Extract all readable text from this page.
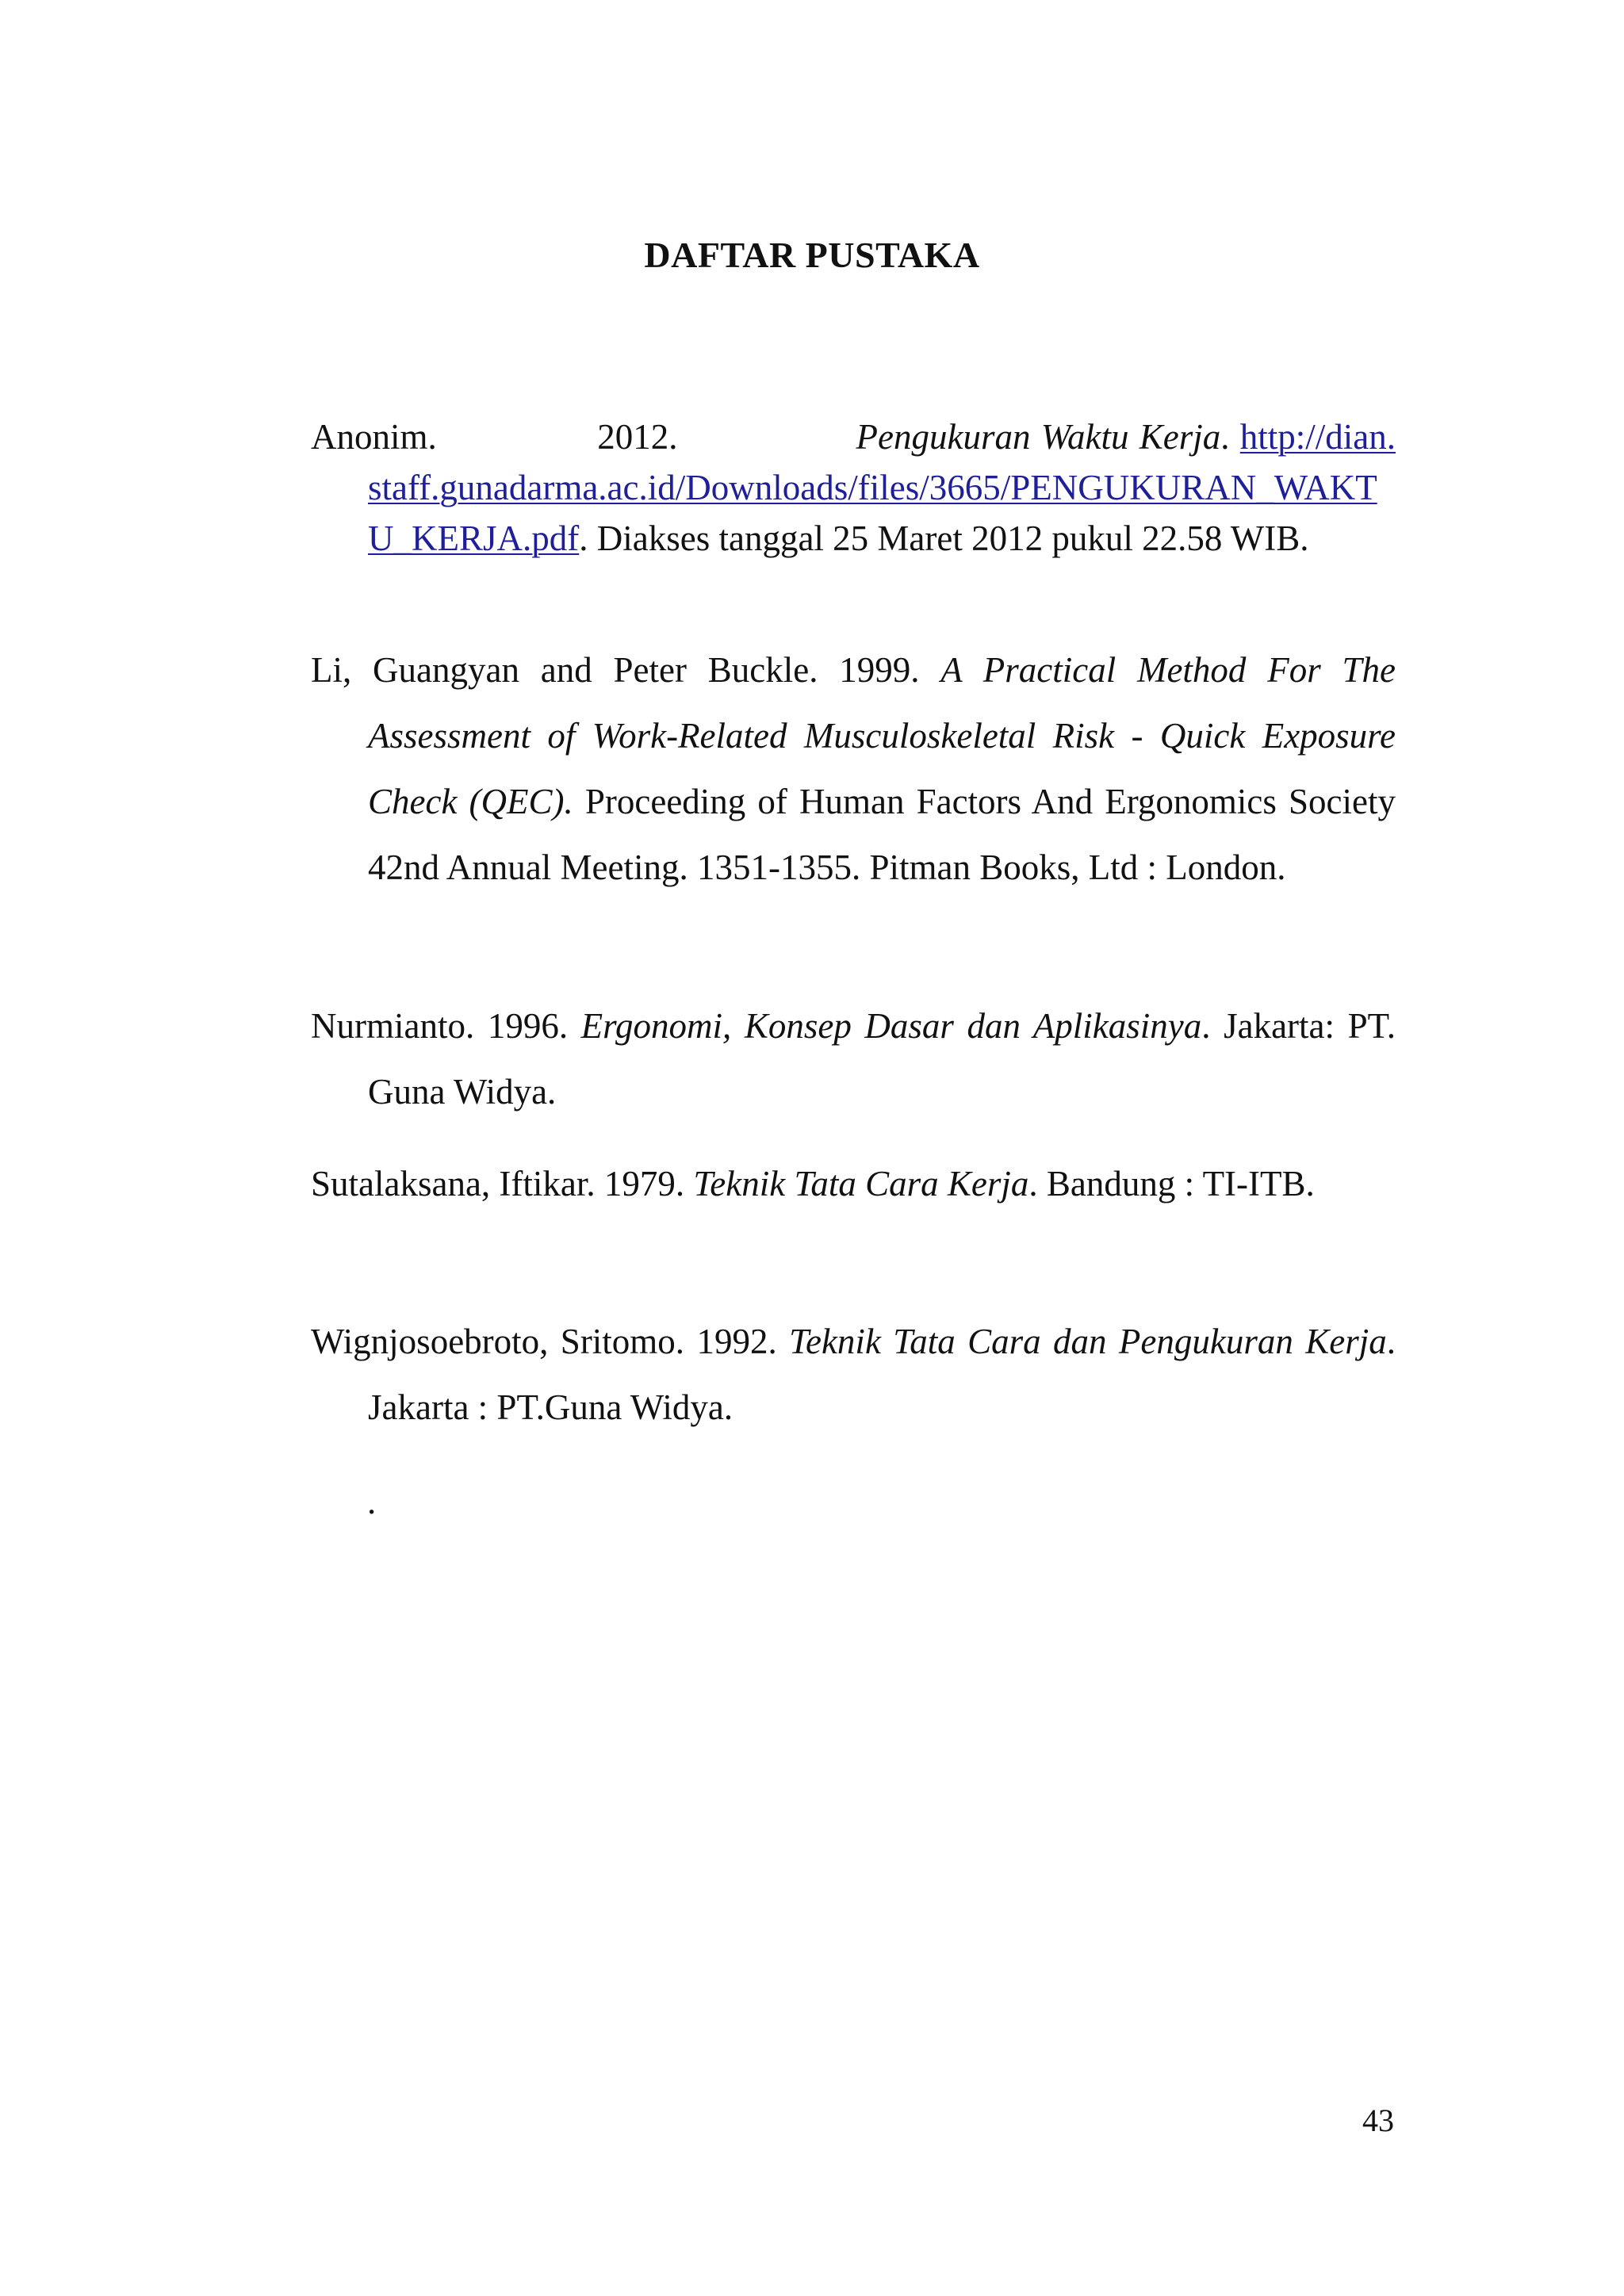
DAFTAR PUSTAKA

Anonim.     	2012.     	Pengukuran Waktu Kerja. http://dian.staff.gunadarma.ac.id/Downloads/files/3665/PENGUKURAN_WAKTU_KERJA.pdf. Diakses tanggal 25 Maret 2012 pukul 22.58 WIB.

Li, Guangyan and Peter Buckle. 1999. A Practical Method For The Assessment of Work-Related Musculoskeletal Risk - Quick Exposure Check (QEC). Proceeding of Human Factors And Ergonomics Society 42nd Annual Meeting. 1351-1355. Pitman Books, Ltd : London.

Nurmianto. 1996. Ergonomi, Konsep Dasar dan Aplikasinya. Jakarta: PT. Guna Widya.

Sutalaksana, Iftikar. 1979. Teknik Tata Cara Kerja. Bandung : TI-ITB.

Wignjosoebroto, Sritomo. 1992. Teknik Tata Cara dan Pengukuran Kerja. Jakarta : PT.Guna Widya.

.
43
